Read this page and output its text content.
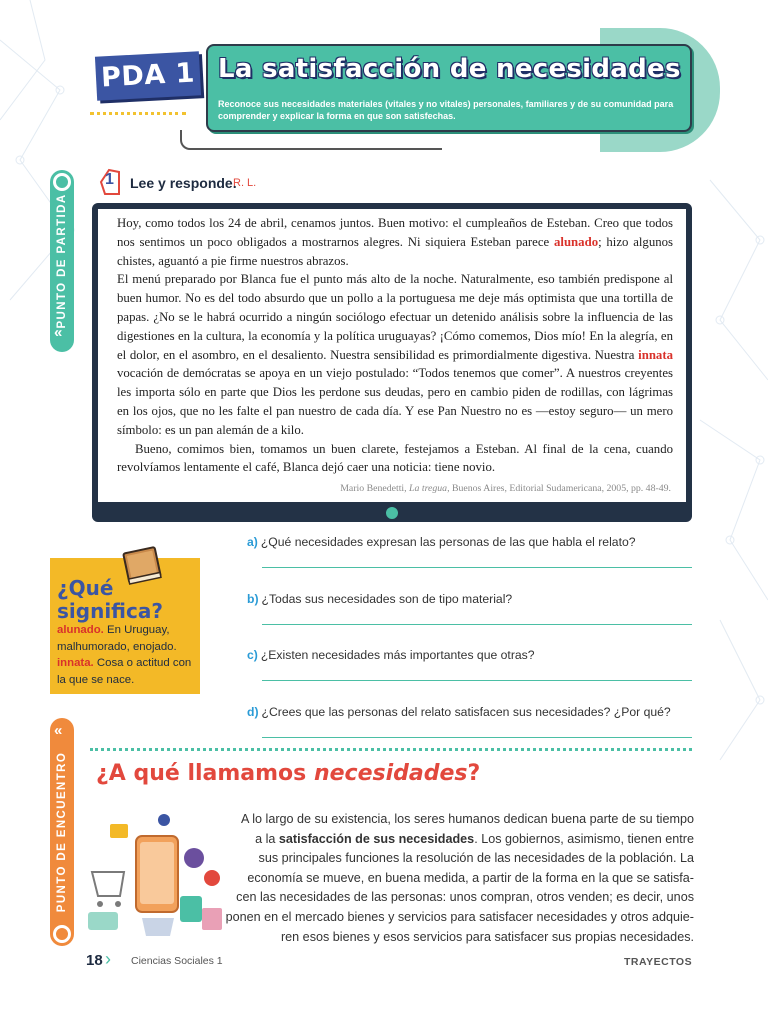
PDA 1 La satisfacción de necesidades
Reconoce sus necesidades materiales (vitales y no vitales) personales, familiares y de su comunidad para comprender y explicar la forma en que son satisfechas.
PUNTO DE PARTIDA
«
«
PUNTO DE ENCUENTRO
1 Lee y responde.
R. L.

Hoy, como todos los 24 de abril, cenamos juntos. Buen motivo: el cumpleaños de Esteban. Creo que todos nos sentimos un poco obligados a mostrarnos alegres. Ni siquiera Esteban parece alunado; hizo algunos chistes, aguantó a pie firme nuestros abrazos.

El menú preparado por Blanca fue el punto más alto de la noche. Naturalmente, eso también predispone al buen humor. No es del todo absurdo que un pollo a la portuguesa me deje más optimista que una tortilla de papas. ¿No se le habrá ocurrido a ningún sociólogo efectuar un detenido análisis sobre la influencia de las digestiones en la cultura, la economía y la política uruguayas? ¡Cómo comemos, Dios mío! En la alegría, en el dolor, en el asombro, en el desaliento. Nuestra sensibilidad es primordialmente digestiva. Nuestra innata vocación de demócratas se apoya en un viejo postulado: “Todos tenemos que comer”. A nuestros creyentes les importa sólo en parte que Dios les perdone sus deudas, pero en cambio piden de rodillas, con lágrimas en los ojos, que no les falte el pan nuestro de cada día. Y ese Pan Nuestro no es —estoy seguro— un mero símbolo: es un pan alemán de a kilo.

Bueno, comimos bien, tomamos un buen clarete, festejamos a Esteban. Al final de la cena, cuando revolvíamos lentamente el café, Blanca dejó caer una noticia: tiene novio.

Mario Benedetti, La tregua, Buenos Aires, Editorial Sudamericana, 2005, pp. 48-49.
¿Qué
significa?
alunado. En Uruguay, malhumorado, enojado.
innata. Cosa o actitud con la que se nace.
a) ¿Qué necesidades expresan las personas de las que habla el relato?
b) ¿Todas sus necesidades son de tipo material?
c) ¿Existen necesidades más importantes que otras?
d) ¿Crees que las personas del relato satisfacen sus necesidades? ¿Por qué?
¿A qué llamamos necesidades?
A lo largo de su existencia, los seres humanos dedican buena parte de su tiempo
a la satisfacción de sus necesidades. Los gobiernos, asimismo, tienen entre
sus principales funciones la resolución de las necesidades de la población. La
economía se mueve, en buena medida, a partir de la forma en la que se satisfa-
cen las necesidades de las personas: unos compran, otros venden; es decir, unos
ponen en el mercado bienes y servicios para satisfacer necesidades y otros adquie-
ren esos bienes y esos servicios para satisfacer sus propias necesidades.
18 › Ciencias Sociales 1	TRAYECTOS
